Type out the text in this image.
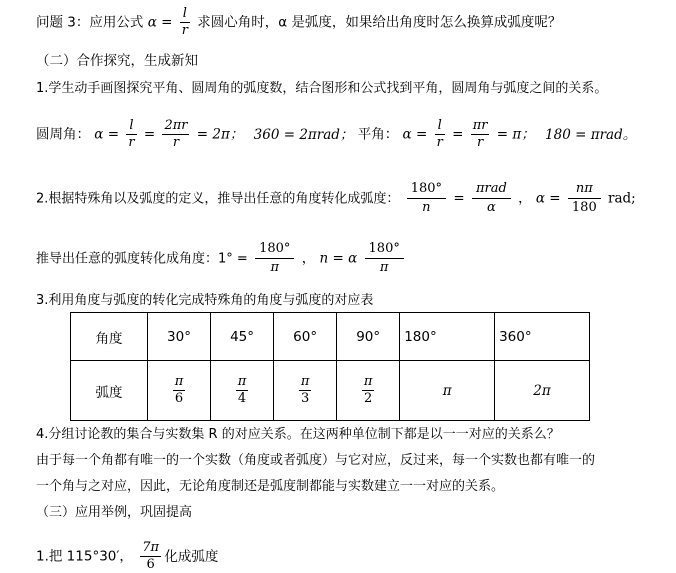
问题 3：应用公式 $\alpha = \frac{l}{r}$ 求圆心角时，α 是弧度，如果给出角度时怎么换算成弧度呢？
（二）合作探究，生成新知
1.学生动手画图探究平角、圆周角的弧度数，结合图形和公式找到平角，圆周角与弧度之间的关系。
圆周角： $\alpha = \frac{l}{r} = \frac{2\pi r}{r} = 2\pi$； 360 = 2πrad； 平角： $\alpha = \frac{l}{r} = \frac{\pi r}{r} = \pi$； 180 = πrad。
2.根据特殊角以及弧度的定义，推导出任意的角度转化成弧度： $\frac{180^\circ}{n} = \frac{\text{πrad}}{\alpha}$ ， $\alpha = \frac{n\pi}{180}$ rad;
推导出任意的弧度转化成角度：$1^\circ = \frac{180^\circ}{\pi}$ ， n = α $\frac{180^\circ}{\pi}$
3.利用角度与弧度的转化完成特殊角的角度与弧度的对应表
角度	30°	45°	60°	90°	180°	360°
弧度	$\frac{\pi}{6}$	$\frac{\pi}{4}$	$\frac{\pi}{3}$	$\frac{\pi}{2}$	π	2π
4.分组讨论教的集合与实数集 R 的对应关系。在这两种单位制下都是以一一对应的关系么？
由于每一个角都有唯一的一个实数（角度或者弧度）与它对应，反过来，每一个实数也都有唯一的
一个角与之对应，因此，无论角度制还是弧度制都能与实数建立一一对应的关系。
（三）应用举例，巩固提高
1.把 115°30′， $\frac{7\pi}{6}$ 化成弧度
